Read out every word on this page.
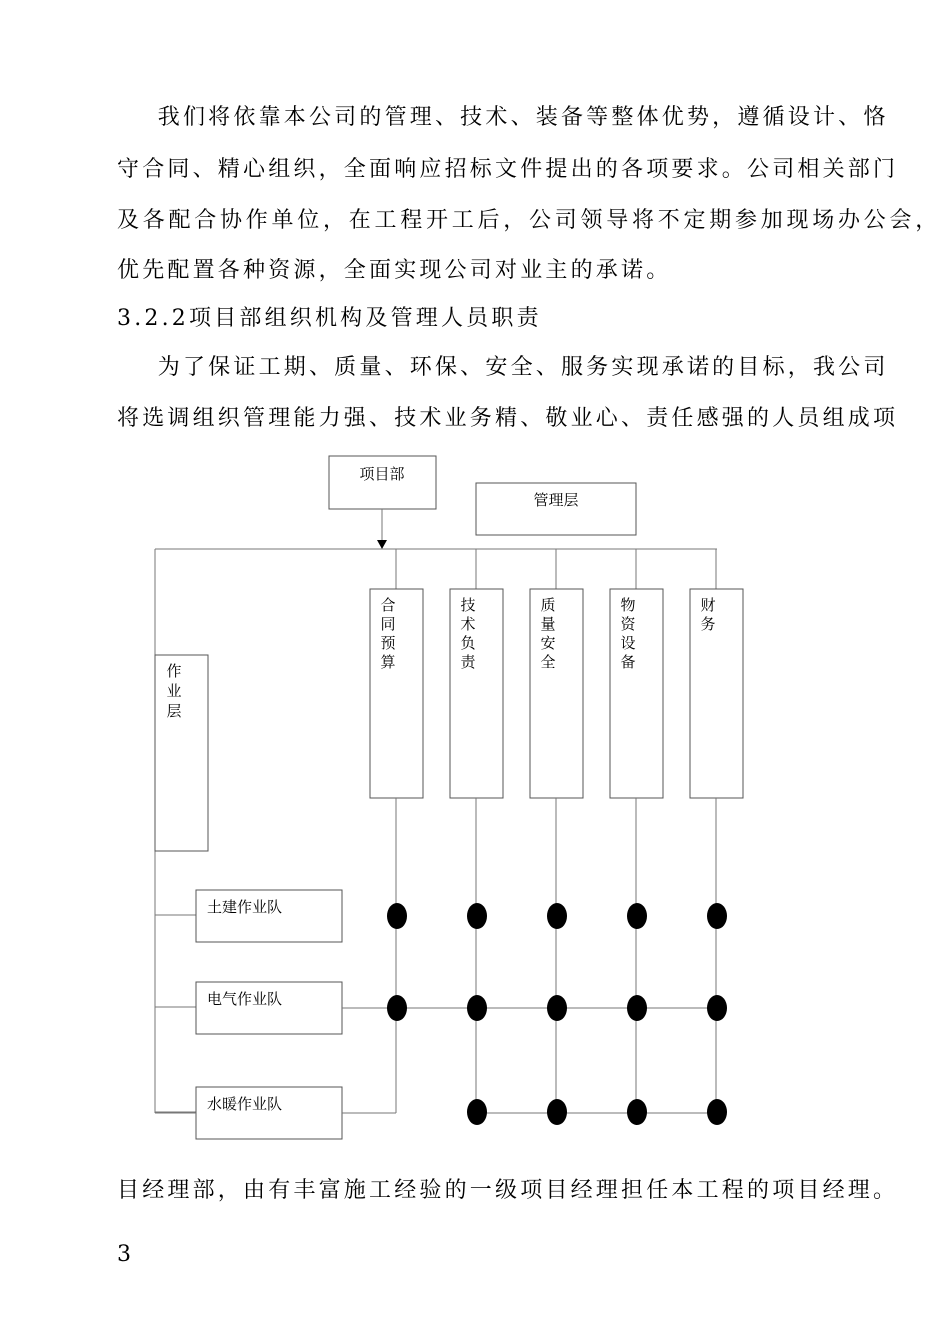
我们将依靠本公司的管理、技术、装备等整体优势，遵循设计、恪
守合同、精心组织，全面响应招标文件提出的各项要求。公司相关部门
及各配合协作单位，在工程开工后，公司领导将不定期参加现场办公会，
优先配置各种资源，全面实现公司对业主的承诺。
3.2.2项目部组织机构及管理人员职责
为了保证工期、质量、环保、安全、服务实现承诺的目标，我公司
将选调组织管理能力强、技术业务精、敬业心、责任感强的人员组成项
项目部
管理层
作
业
层
合
同
预
算
技
术
负
责
质
量
安
全
物
资
设
备
财
务
土建作业队
电气作业队
水暖作业队
目经理部，由有丰富施工经验的一级项目经理担任本工程的项目经理。
3
